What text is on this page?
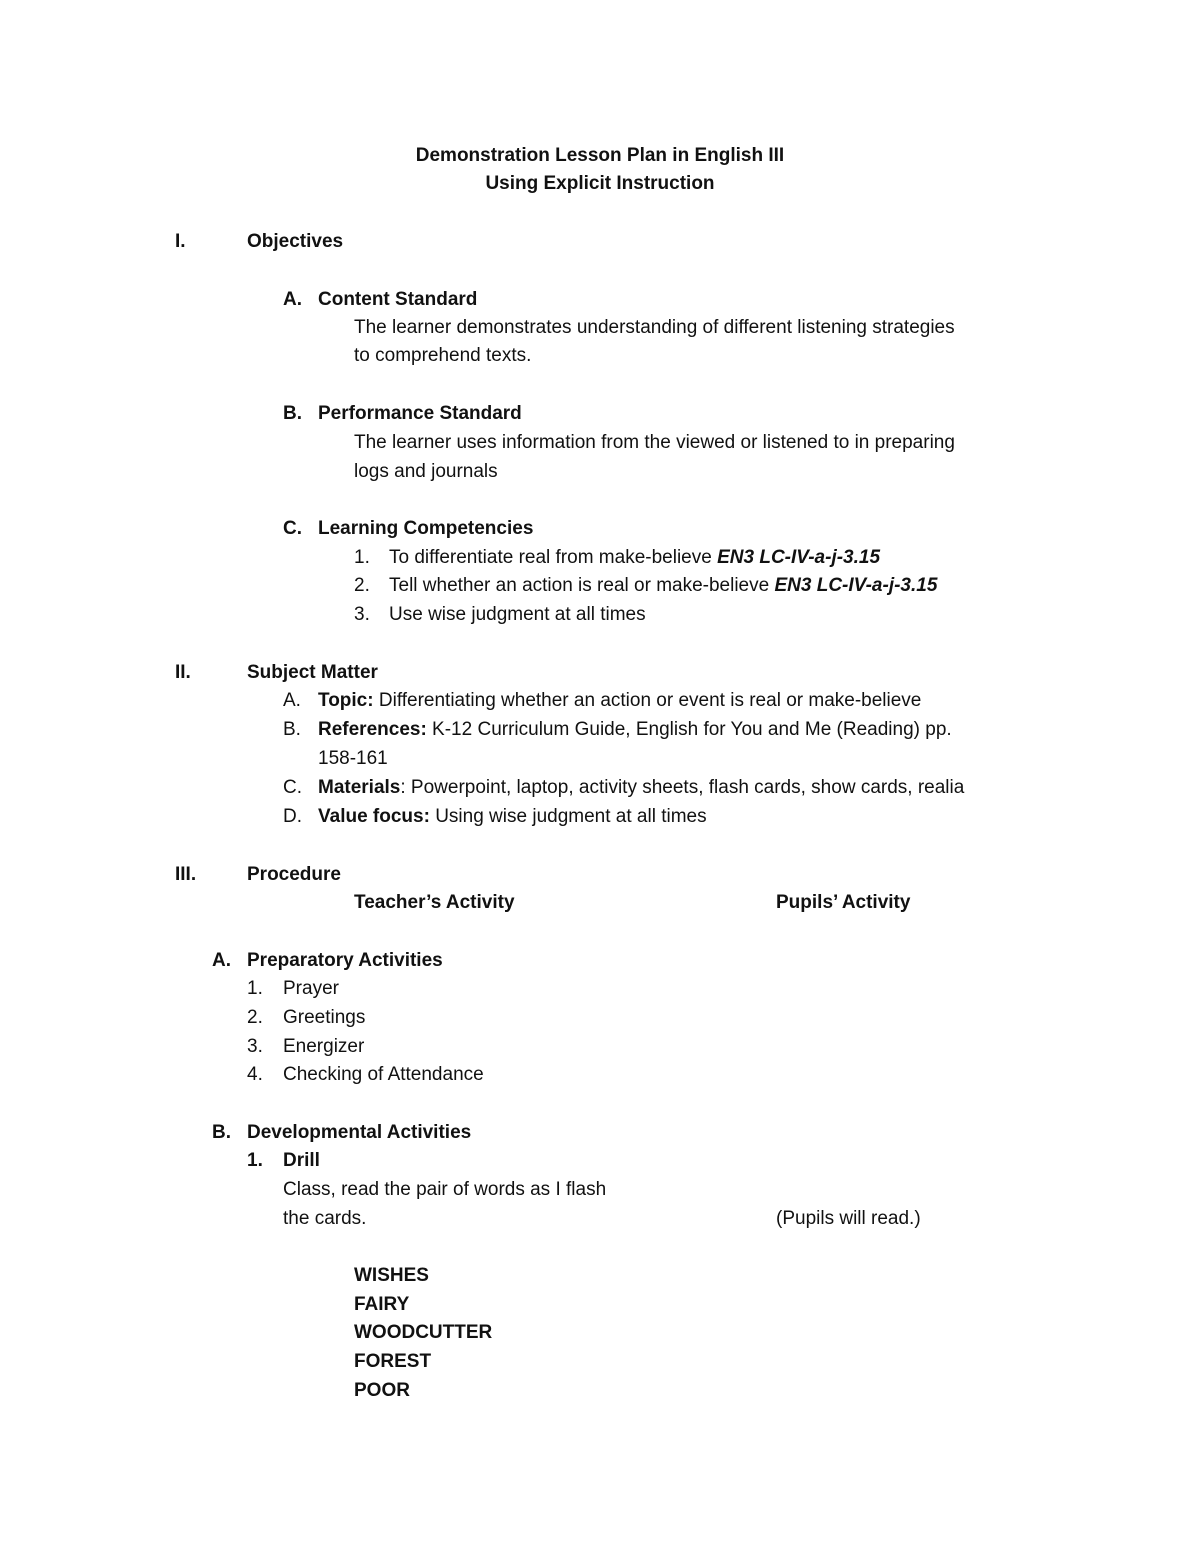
Demonstration Lesson Plan in English III
Using Explicit Instruction
I.	Objectives
A. Content Standard
The learner demonstrates understanding of different listening strategies
to comprehend texts.
B. Performance Standard
The learner uses information from the viewed or listened to in preparing
logs and journals
C. Learning Competencies
1. To differentiate real from make-believe EN3 LC-IV-a-j-3.15
2. Tell whether an action is real or make-believe EN3 LC-IV-a-j-3.15
3. Use wise judgment at all times
II.	Subject Matter
A. Topic: Differentiating whether an action or event is real or make-believe
B. References: K-12 Curriculum Guide, English for You and Me (Reading) pp.
158-161
C. Materials: Powerpoint, laptop, activity sheets, flash cards, show cards, realia
D. Value focus: Using wise judgment at all times
III.	Procedure
Teacher’s Activity	Pupils’ Activity
A. Preparatory Activities
1. Prayer
2. Greetings
3. Energizer
4. Checking of Attendance
B. Developmental Activities
1. Drill
Class, read the pair of words as I flash
the cards.	(Pupils will read.)
WISHES
FAIRY
WOODCUTTER
FOREST
POOR
